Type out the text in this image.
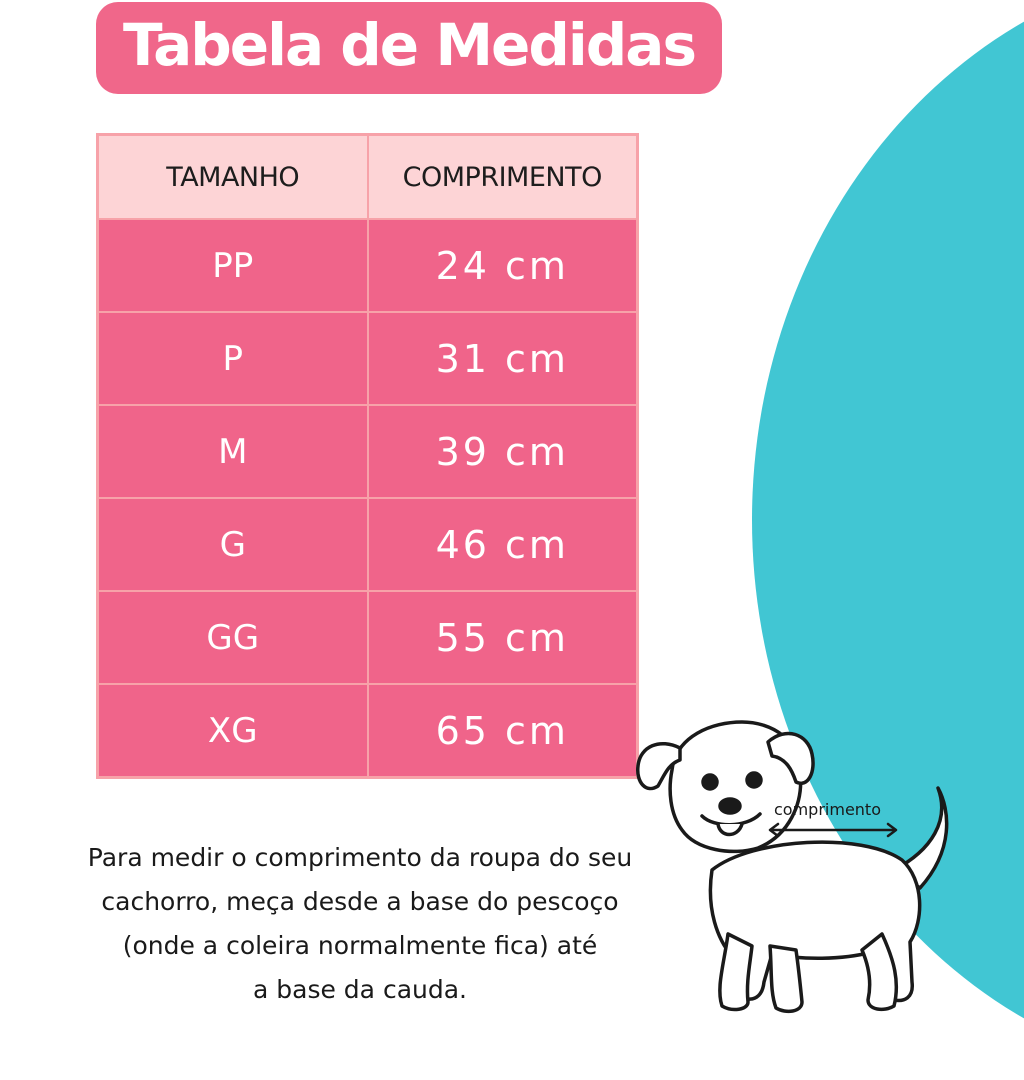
Tabela de Medidas
TAMANHO	COMPRIMENTO
PP	24 cm
P	31 cm
M	39 cm
G	46 cm
GG	55 cm
XG	65 cm
Para medir o comprimento da roupa do seu
cachorro, meça desde a base do pescoço
(onde a coleira normalmente fica) até
a base da cauda.
comprimento
